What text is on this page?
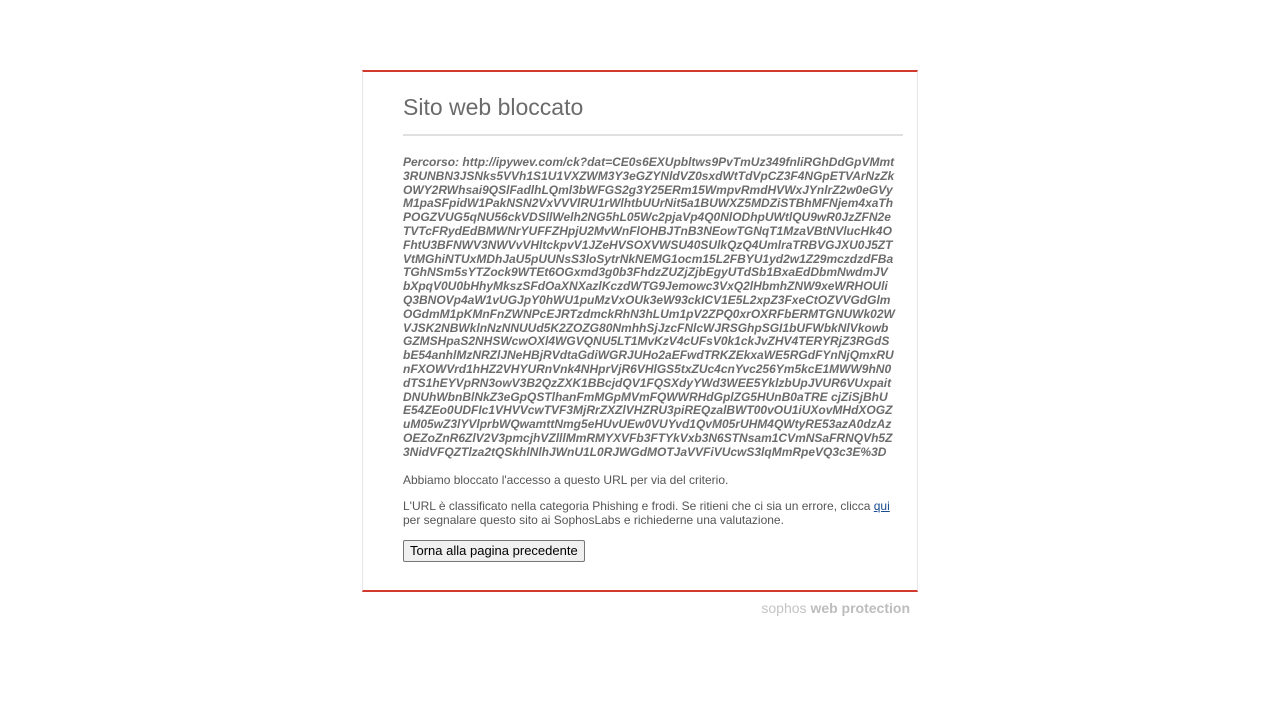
Sito web bloccato
Percorso: http://ipywev.com/ck?dat=CE0s6EXUpbltws9PvTmUz349fnliRGhDdGpVMmt3RUNBN3JSNks5VVh1S1U1VXZWM3Y3eGZYNldVZ0sxdWtTdVpCZ3F4NGpETVArNzZkOWY2RWhsai9QSlFadlhLQml3bWFGS2g3Y25ERm15WmpvRmdHVWxJYnlrZ2w0eGVyM1paSFpidW1PakNSN2VxVVVlRU1rWlhtbUUrNit5a1BUWXZ5MDZiSTBhMFNjem4xaThPOGZVUG5qNU56ckVDSllWelh2NG5hL05Wc2pjaVp4Q0NlODhpUWtlQU9wR0JzZFN2eTVTcFRydEdBMWNrYUFFZHpjU2MvWnFlOHBJTnB3NEowTGNqT1MzaVBtNVlucHk4OFhtU3BFNWV3NWVvVHltckpvV1JZeHVSOXVWSU40SUlkQzQ4UmlraTRBVGJXU0J5ZTVtMGhiNTUxMDhJaU5pUUNsS3loSytrNkNEMG1ocm15L2FBYU1yd2w1Z29mczdzdFBaTGhNSm5sYTZock9WTEt6OGxmd3g0b3FhdzZUZjZjbEgyUTdSb1BxaEdDbmNwdmJVbXpqV0U0bHhyMkszSFdOaXNXazlKczdWTG9Jemowc3VxQ2lHbmhZNW9xeWRHOUliQ3BNOVp4aW1vUGJpY0hWU1puMzVxOUk3eW93ckICV1E5L2xpZ3FxeCtOZVVGdGlmOGdmM1pKMnFnZWNPcEJRTzdmckRhN3hLUm1pV2ZPQ0xrOXRFbERMTGNUWk02WVJSK2NBWklnNzNNUUd5K2ZOZG80NmhhSjJzcFNlcWJRSGhpSGI1bUFWbkNlVkowbGZMSHpaS2NHSWcwOXl4WGVQNU5LT1MvKzV4cUFsV0k1ckJvZHV4TERYRjZ3RGdSbE54anhlMzNRZlJNeHBjRVdtaGdiWGRJUHo2aEFwdTRKZEkxaWE5RGdFYnNjQmxRUnFXOWVrd1hHZ2VHYURnVnk4NHprVjR6VHlGS5txZUc4cnYvc256Ym5kcE1MWW9hN0dTS1hEYVpRN3owV3B2QzZXK1BBcjdQV1FQSXdyYWd3WEE5YklzbUpJVUR6VUxpaitDNUhWbnBlNkZ3eGpQSTlhanFmMGpMVmFQWWRHdGplZG5HUnB0aTRE cjZiSjBhUE54ZEo0UDFIc1VHVVcwTVF3MjRrZXZlVHZRU3piREQzalBWT00vOU1iUXovMHdXOGZuM05wZ3lYVlprbWQwamttNmg5eHUvUEw0VUYvd1QvM05rUHM4QWtyRE53azA0dzAzOEZoZnR6ZlV2V3pmcjhVZlllMmRMYXVFb3FTYkVxb3N6STNsam1CVmNSaFRNQVh5Z3NidVFQZTlza2tQSkhlNlhJWnU1L0RJWGdMOTJaVVFiVUcwS3lqMmRpeVQ3c3E%3D
Abbiamo bloccato l'accesso a questo URL per via del criterio.
L'URL è classificato nella categoria Phishing e frodi. Se ritieni che ci sia un errore, clicca qui per segnalare questo sito ai SophosLabs e richiederne una valutazione.
Torna alla pagina precedente
sophos web protection
